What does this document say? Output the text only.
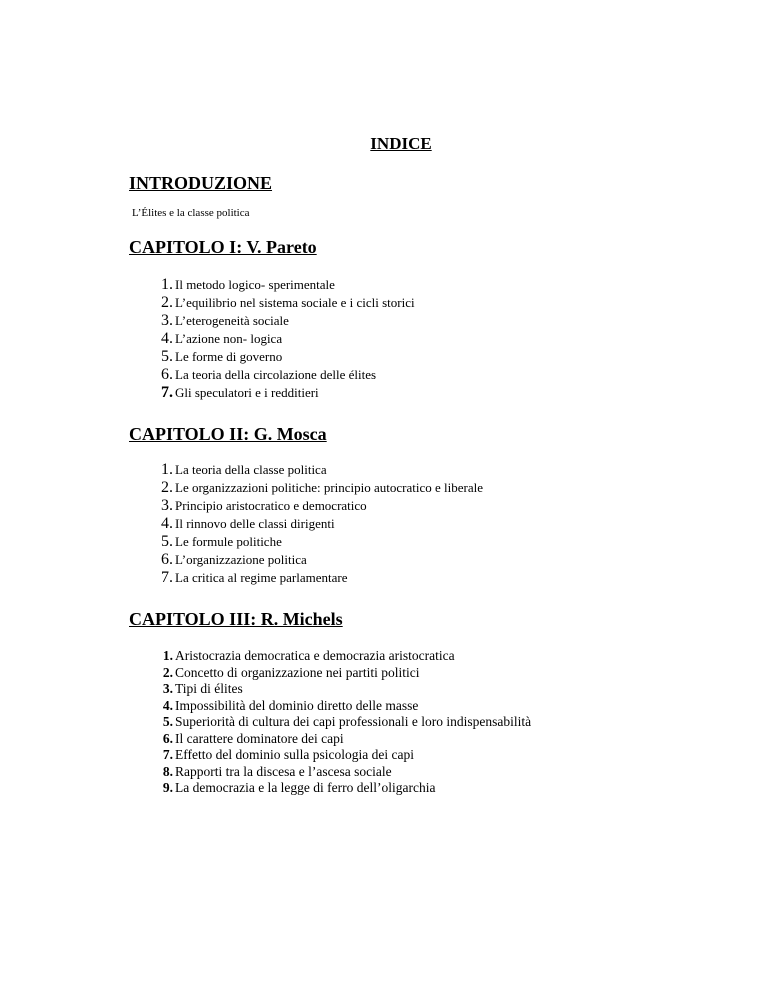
INDICE
INTRODUZIONE
L’Élites e la classe politica
CAPITOLO I: V. Pareto
1. Il metodo logico- sperimentale
2. L’equilibrio nel sistema sociale e i cicli storici
3. L’eterogeneità sociale
4. L’azione non- logica
5. Le forme di governo
6. La teoria della circolazione delle élites
7. Gli speculatori e i redditieri
CAPITOLO II: G. Mosca
1. La teoria della classe politica
2. Le organizzazioni politiche: principio autocratico e liberale
3. Principio aristocratico e democratico
4. Il rinnovo delle classi dirigenti
5. Le formule politiche
6. L’organizzazione politica
7. La critica al regime parlamentare
CAPITOLO III: R. Michels
1. Aristocrazia democratica e democrazia aristocratica
2. Concetto di organizzazione nei partiti politici
3. Tipi di élites
4. Impossibilità del dominio diretto delle masse
5. Superiorità di cultura dei capi professionali e loro indispensabilità
6. Il carattere dominatore dei capi
7. Effetto del dominio sulla psicologia dei capi
8. Rapporti tra la discesa e l’ascesa sociale
9. La democrazia e la legge di ferro dell’oligarchia
